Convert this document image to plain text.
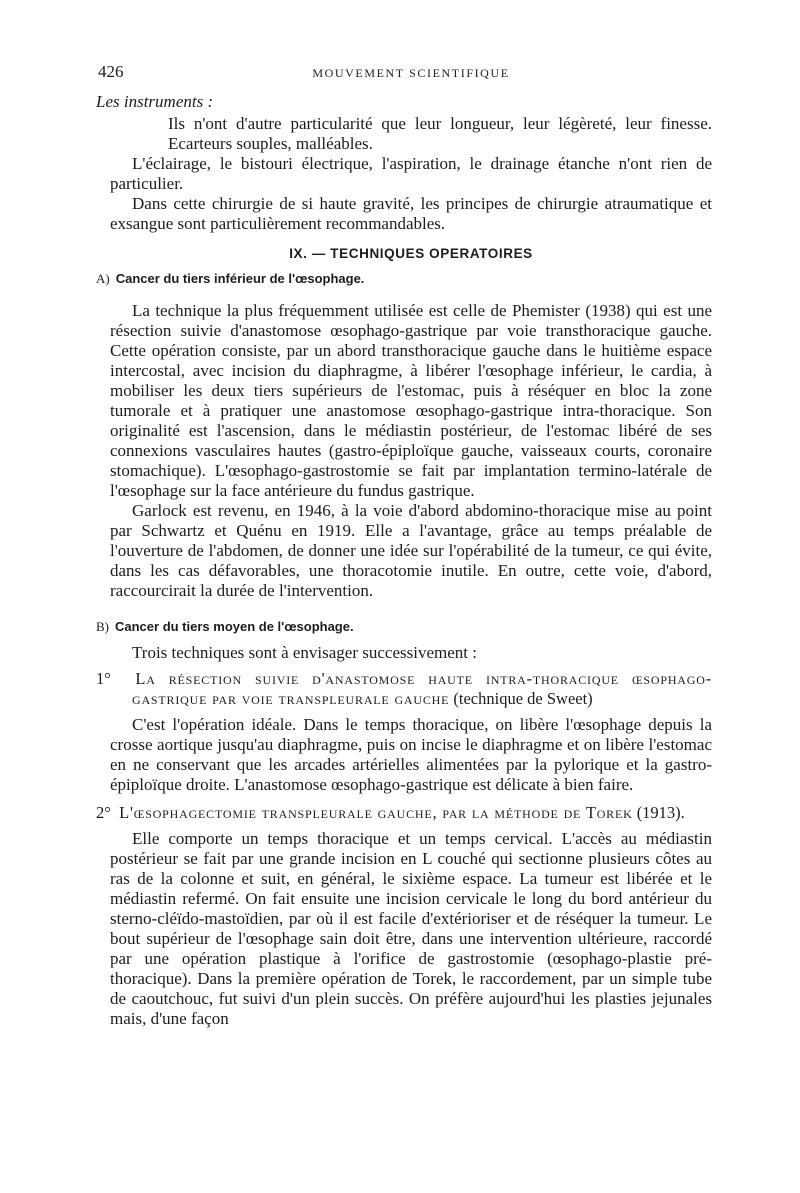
426	MOUVEMENT SCIENTIFIQUE

Les instruments :

Ils n'ont d'autre particularité que leur longueur, leur légèreté, leur finesse. Ecarteurs souples, malléables.

L'éclairage, le bistouri électrique, l'aspiration, le drainage étanche n'ont rien de particulier.

Dans cette chirurgie de si haute gravité, les principes de chirurgie atraumatique et exsangue sont particulièrement recommandables.

IX. — TECHNIQUES OPERATOIRES
A) Cancer du tiers inférieur de l'œsophage.

La technique la plus fréquemment utilisée est celle de Phemister (1938) qui est une résection suivie d'anastomose œsophago-gastrique par voie transthoracique gauche. Cette opération consiste, par un abord transthoracique gauche dans le huitième espace intercostal, avec incision du diaphragme, à libérer l'œsophage inférieur, le cardia, à mobiliser les deux tiers supérieurs de l'estomac, puis à réséquer en bloc la zone tumorale et à pratiquer une anastomose œsophago-gastrique intra-thoracique. Son originalité est l'ascension, dans le médiastin postérieur, de l'estomac libéré de ses connexions vasculaires hautes (gastro-épiploïque gauche, vaisseaux courts, coronaire stomachique). L'œsophago-gastrostomie se fait par implantation termino-latérale de l'œsophage sur la face antérieure du fundus gastrique.

Garlock est revenu, en 1946, à la voie d'abord abdomino-thoracique mise au point par Schwartz et Quénu en 1919. Elle a l'avantage, grâce au temps préalable de l'ouverture de l'abdomen, de donner une idée sur l'opérabilité de la tumeur, ce qui évite, dans les cas défavorables, une thoracotomie inutile. En outre, cette voie, d'abord, raccourcirait la durée de l'intervention.

B) Cancer du tiers moyen de l'œsophage.

Trois techniques sont à envisager successivement :

1° La résection suivie d'anastomose haute intra-thoracique œsophago-gastrique par voie transpleurale gauche (technique de Sweet)

C'est l'opération idéale. Dans le temps thoracique, on libère l'œsophage depuis la crosse aortique jusqu'au diaphragme, puis on incise le diaphragme et on libère l'estomac en ne conservant que les arcades artérielles alimentées par la pylorique et la gastro-épiploïque droite. L'anastomose œsophago-gastrique est délicate à bien faire.

2° L'œsophagectomie transpleurale gauche, par la méthode de Torek (1913).

Elle comporte un temps thoracique et un temps cervical. L'accès au médiastin postérieur se fait par une grande incision en L couché qui sectionne plusieurs côtes au ras de la colonne et suit, en général, le sixième espace. La tumeur est libérée et le médiastin refermé. On fait ensuite une incision cervicale le long du bord antérieur du sterno-cléïdo-mastoïdien, par où il est facile d'extérioriser et de réséquer la tumeur. Le bout supérieur de l'œsophage sain doit être, dans une intervention ultérieure, raccordé par une opération plastique à l'orifice de gastrostomie (œsophago-plastie pré-thoracique). Dans la première opération de Torek, le raccordement, par un simple tube de caoutchouc, fut suivi d'un plein succès. On préfère aujourd'hui les plasties jejunales mais, d'une façon
